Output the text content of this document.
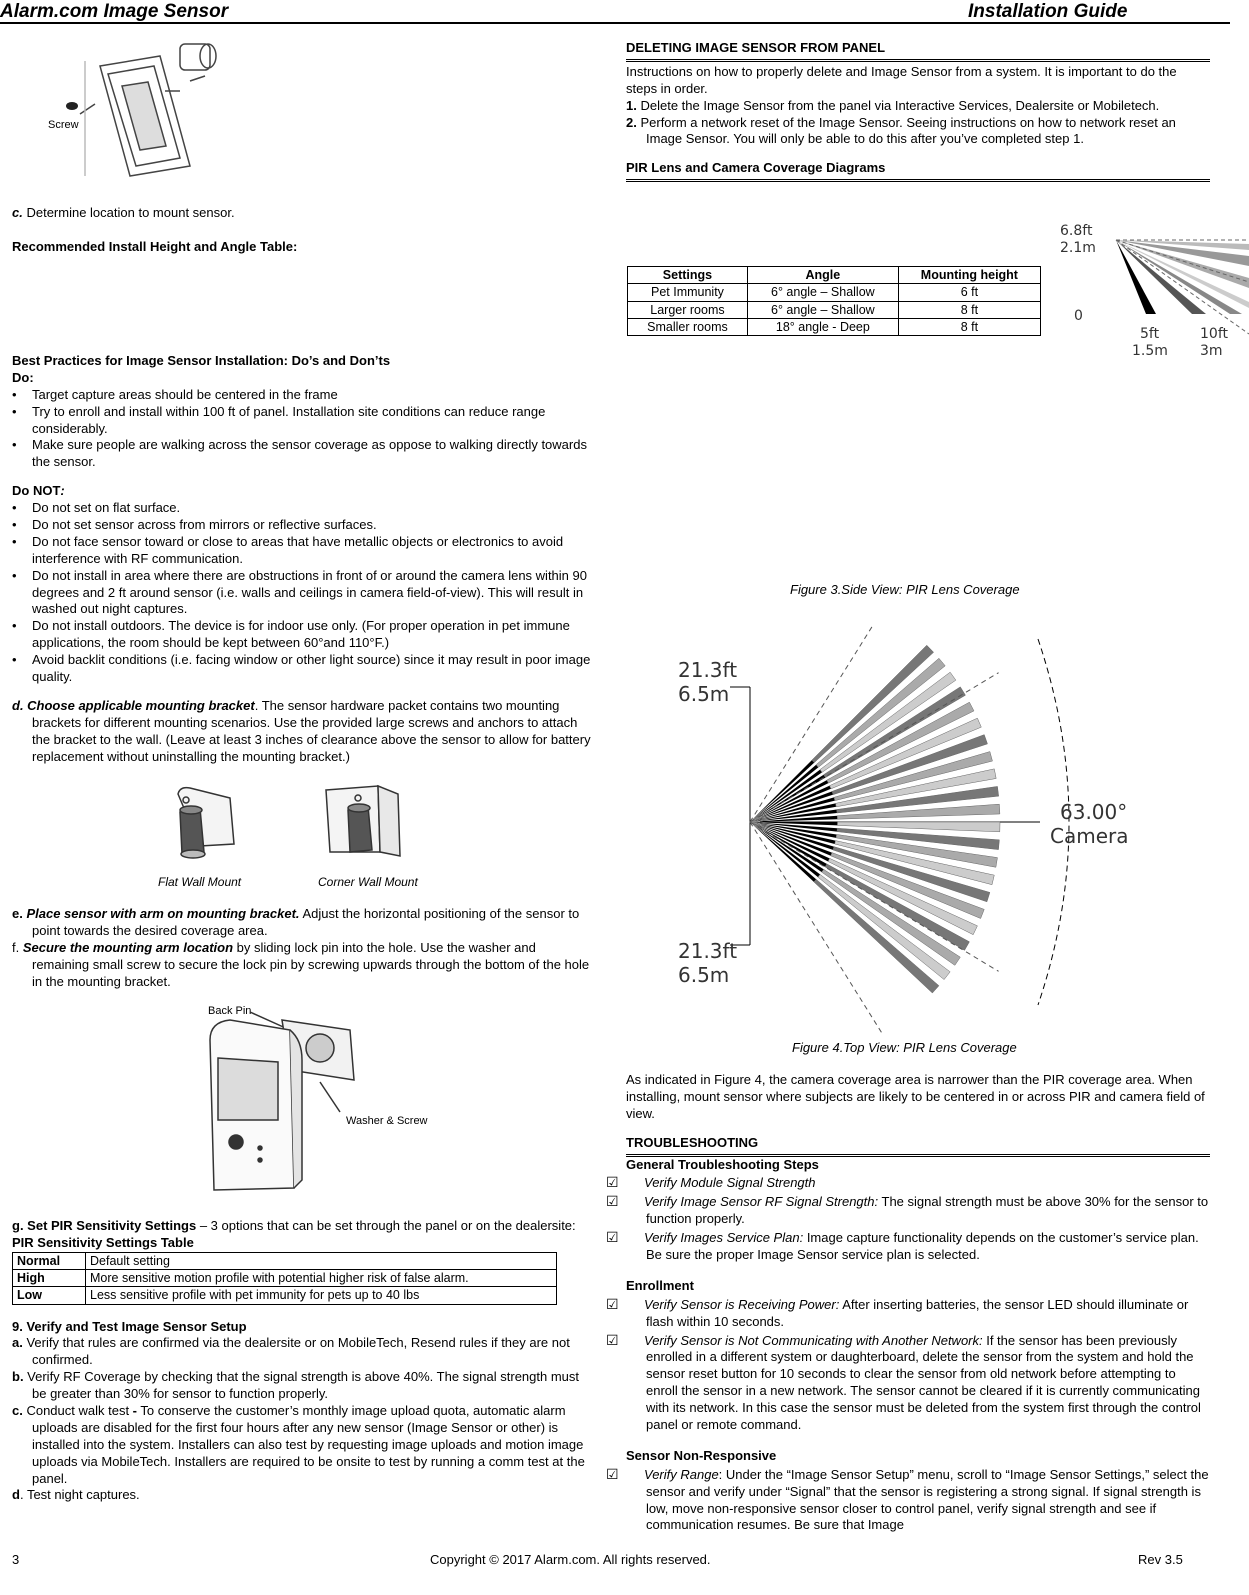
Alarm.com Image Sensor	Installation Guide
Screw

c. Determine location to mount sensor.

Recommended Install Height and Angle Table:

Best Practices for Image Sensor Installation: Do’s and Don’ts

Do:

• Target capture areas should be centered in the frame
• Try to enroll and install within 100 ft of panel. Installation site conditions can reduce range considerably.
• Make sure people are walking across the sensor coverage as oppose to walking directly towards the sensor.

Do NOT:

• Do not set on flat surface.
• Do not set sensor across from mirrors or reflective surfaces.
• Do not face sensor toward or close to areas that have metallic objects or electronics to avoid interference with RF communication.
• Do not install in area where there are obstructions in front of or around the camera lens within 90 degrees and 2 ft around sensor (i.e. walls and ceilings in camera field-of-view). This will result in washed out night captures.
• Do not install outdoors. The device is for indoor use only. (For proper operation in pet immune applications, the room should be kept between 60°and 110°F.)
• Avoid backlit conditions (i.e. facing window or other light source) since it may result in poor image quality.

d. Choose applicable mounting bracket. The sensor hardware packet contains two mounting brackets for different mounting scenarios. Use the provided large screws and anchors to attach the bracket to the wall. (Leave at least 3 inches of clearance above the sensor to allow for battery replacement without uninstalling the mounting bracket.)

Flat Wall Mount	Corner Wall Mount

e. Place sensor with arm on mounting bracket. Adjust the horizontal positioning of the sensor to point towards the desired coverage area.

f. Secure the mounting arm location by sliding lock pin into the hole. Use the washer and remaining small screw to secure the lock pin by screwing upwards through the bottom of the hole in the mounting bracket.

Back Pin
Washer & Screw

g. Set PIR Sensitivity Settings – 3 options that can be set through the panel or on the dealersite:

PIR Sensitivity Settings Table

Normal	Default setting
High	More sensitive motion profile with potential higher risk of false alarm.
Low	Less sensitive profile with pet immunity for pets up to 40 lbs

9. Verify and Test Image Sensor Setup

a. Verify that rules are confirmed via the dealersite or on MobileTech, Resend rules if they are not confirmed.

b. Verify RF Coverage by checking that the signal strength is above 40%. The signal strength must be greater than 30% for sensor to function properly.

c. Conduct walk test - To conserve the customer’s monthly image upload quota, automatic alarm uploads are disabled for the first four hours after any new sensor (Image Sensor or other) is installed into the system. Installers can also test by requesting image uploads and motion image uploads via MobileTech. Installers are required to be onsite to test by running a comm test at the panel.

d. Test night captures.

DELETING IMAGE SENSOR FROM PANEL

Instructions on how to properly delete and Image Sensor from a system. It is important to do the steps in order.

1. Delete the Image Sensor from the panel via Interactive Services, Dealersite or Mobiletech.

2. Perform a network reset of the Image Sensor. Seeing instructions on how to network reset an Image Sensor. You will only be able to do this after you’ve completed step 1.

PIR Lens and Camera Coverage Diagrams

Settings	Angle	Mounting height
Pet Immunity	6° angle – Shallow	6 ft
Larger rooms	6° angle – Shallow	8 ft
Smaller rooms	18° angle - Deep	8 ft
6.8ft
2.1m
0
5ft
1.5m
10ft
3m
Figure 3.Side View: PIR Lens Coverage
21.3ft
6.5m
21.3ft
6.5m
63.00°
Camera
Figure 4.Top View: PIR Lens Coverage

As indicated in Figure 4, the camera coverage area is narrower than the PIR coverage area. When installing, mount sensor where subjects are likely to be centered in or across PIR and camera field of view.

TROUBLESHOOTING

General Troubleshooting Steps

☑ Verify Module Signal Strength

☑ Verify Image Sensor RF Signal Strength: The signal strength must be above 30% for the sensor to function properly.

☑ Verify Images Service Plan: Image capture functionality depends on the customer’s service plan. Be sure the proper Image Sensor service plan is selected.

Enrollment

☑ Verify Sensor is Receiving Power: After inserting batteries, the sensor LED should illuminate or flash within 10 seconds.

☑ Verify Sensor is Not Communicating with Another Network: If the sensor has been previously enrolled in a different system or daughterboard, delete the sensor from the system and hold the sensor reset button for 10 seconds to clear the sensor from old network before attempting to enroll the sensor in a new network. The sensor cannot be cleared if it is currently communicating with its network. In this case the sensor must be deleted from the system first through the control panel or remote command.

Sensor Non-Responsive

☑ Verify Range: Under the “Image Sensor Setup” menu, scroll to “Image Sensor Settings,” select the sensor and verify under “Signal” that the sensor is registering a strong signal. If signal strength is low, move non-responsive sensor closer to control panel, verify signal strength and see if communication resumes. Be sure that Image

3	Copyright © 2017 Alarm.com. All rights reserved.	Rev 3.5
